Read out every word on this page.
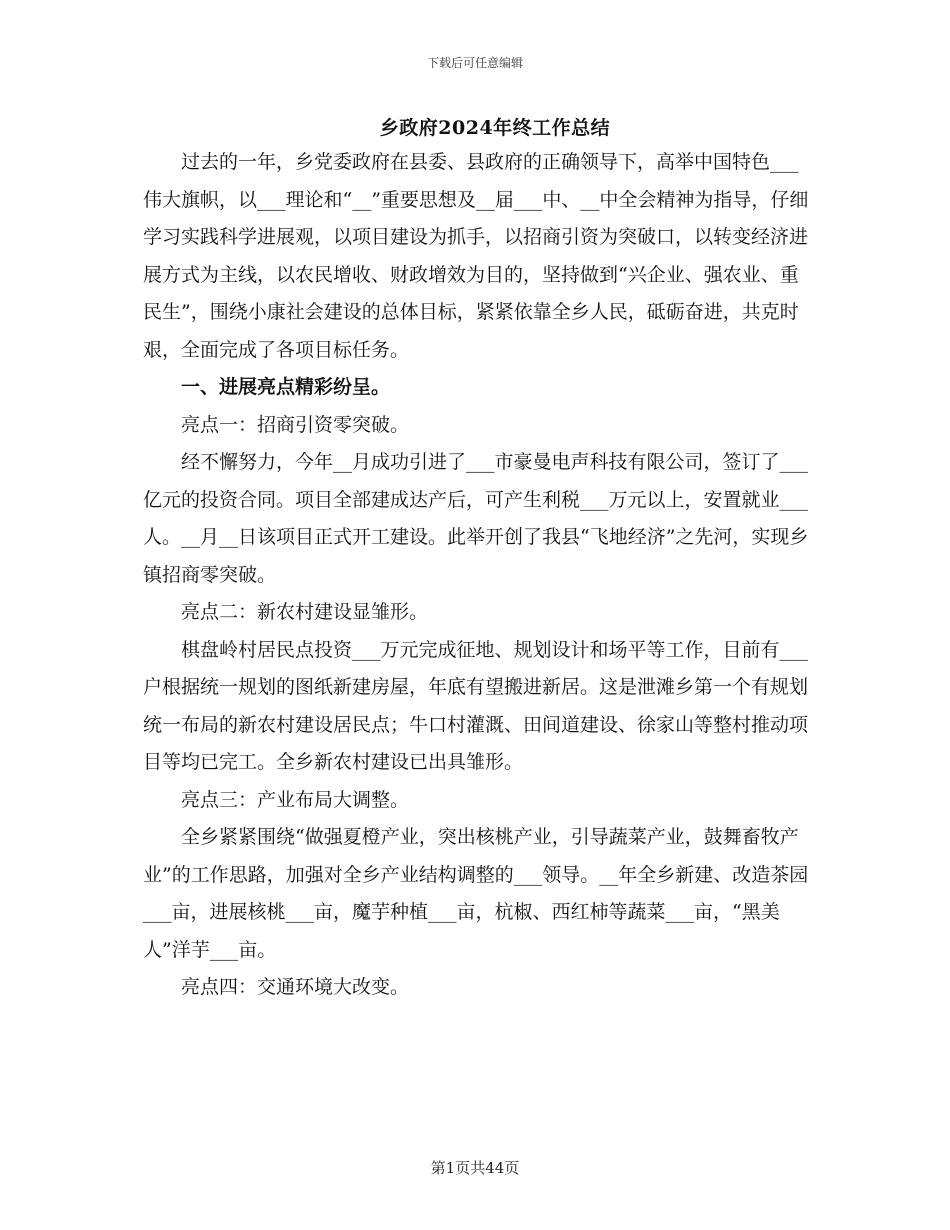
下载后可任意编辑
乡政府2024年终工作总结

过去的一年，乡党委政府在县委、县政府的正确领导下，高举中国特色___伟大旗帜，以___理论和“__”重要思想及__届___中、__中全会精神为指导，仔细学习实践科学进展观，以项目建设为抓手，以招商引资为突破口，以转变经济进展方式为主线，以农民增收、财政增效为目的，坚持做到“兴企业、强农业、重民生”，围绕小康社会建设的总体目标，紧紧依靠全乡人民，砥砺奋进，共克时艰，全面完成了各项目标任务。

一、进展亮点精彩纷呈。

亮点一：招商引资零突破。

经不懈努力，今年__月成功引进了___市豪曼电声科技有限公司，签订了___亿元的投资合同。项目全部建成达产后，可产生利税___万元以上，安置就业___人。__月__日该项目正式开工建设。此举开创了我县“飞地经济”之先河，实现乡镇招商零突破。

亮点二：新农村建设显雏形。

棋盘岭村居民点投资___万元完成征地、规划设计和场平等工作，目前有___户根据统一规划的图纸新建房屋，年底有望搬进新居。这是泄滩乡第一个有规划统一布局的新农村建设居民点；牛口村灌溉、田间道建设、徐家山等整村推动项目等均已完工。全乡新农村建设已出具雏形。

亮点三：产业布局大调整。

全乡紧紧围绕“做强夏橙产业，突出核桃产业，引导蔬菜产业，鼓舞畜牧产业”的工作思路，加强对全乡产业结构调整的___领导。__年全乡新建、改造茶园___亩，进展核桃___亩，魔芋种植___亩，杭椒、西红柿等蔬菜___亩，“黑美人”洋芋___亩。

亮点四：交通环境大改变。

第1页共44页
